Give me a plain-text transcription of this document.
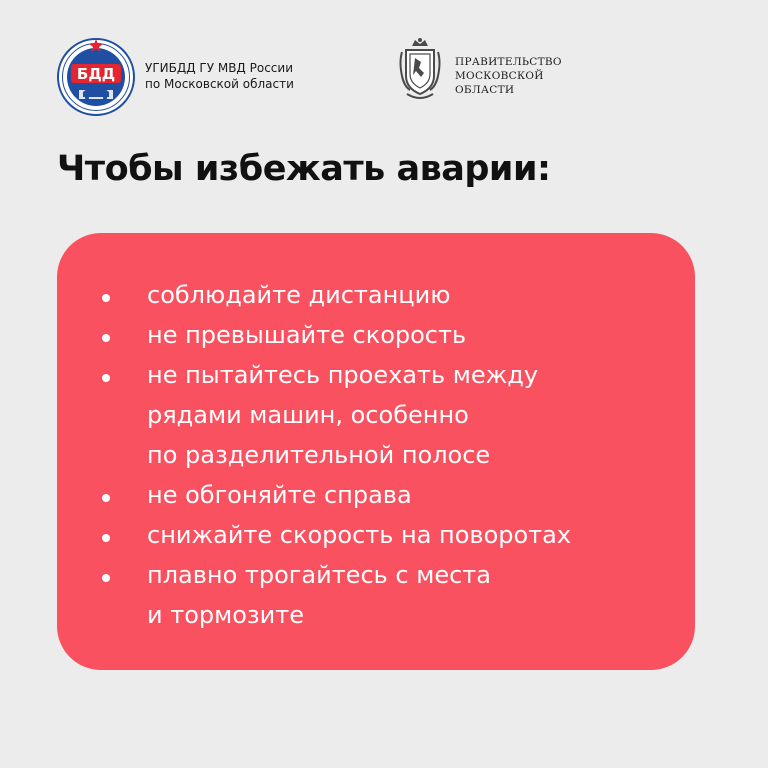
БДД УГИБДД ГУ МВД России
по Московской области
ПРАВИТЕЛЬСТВО
МОСКОВСКОЙ
ОБЛАСТИ
Чтобы избежать аварии:
соблюдайте дистанцию
не превышайте скорость
не пытайтесь проехать между
рядами машин, особенно
по разделительной полосе
не обгоняйте справа
снижайте скорость на поворотах
плавно трогайтесь с места
и тормозите
